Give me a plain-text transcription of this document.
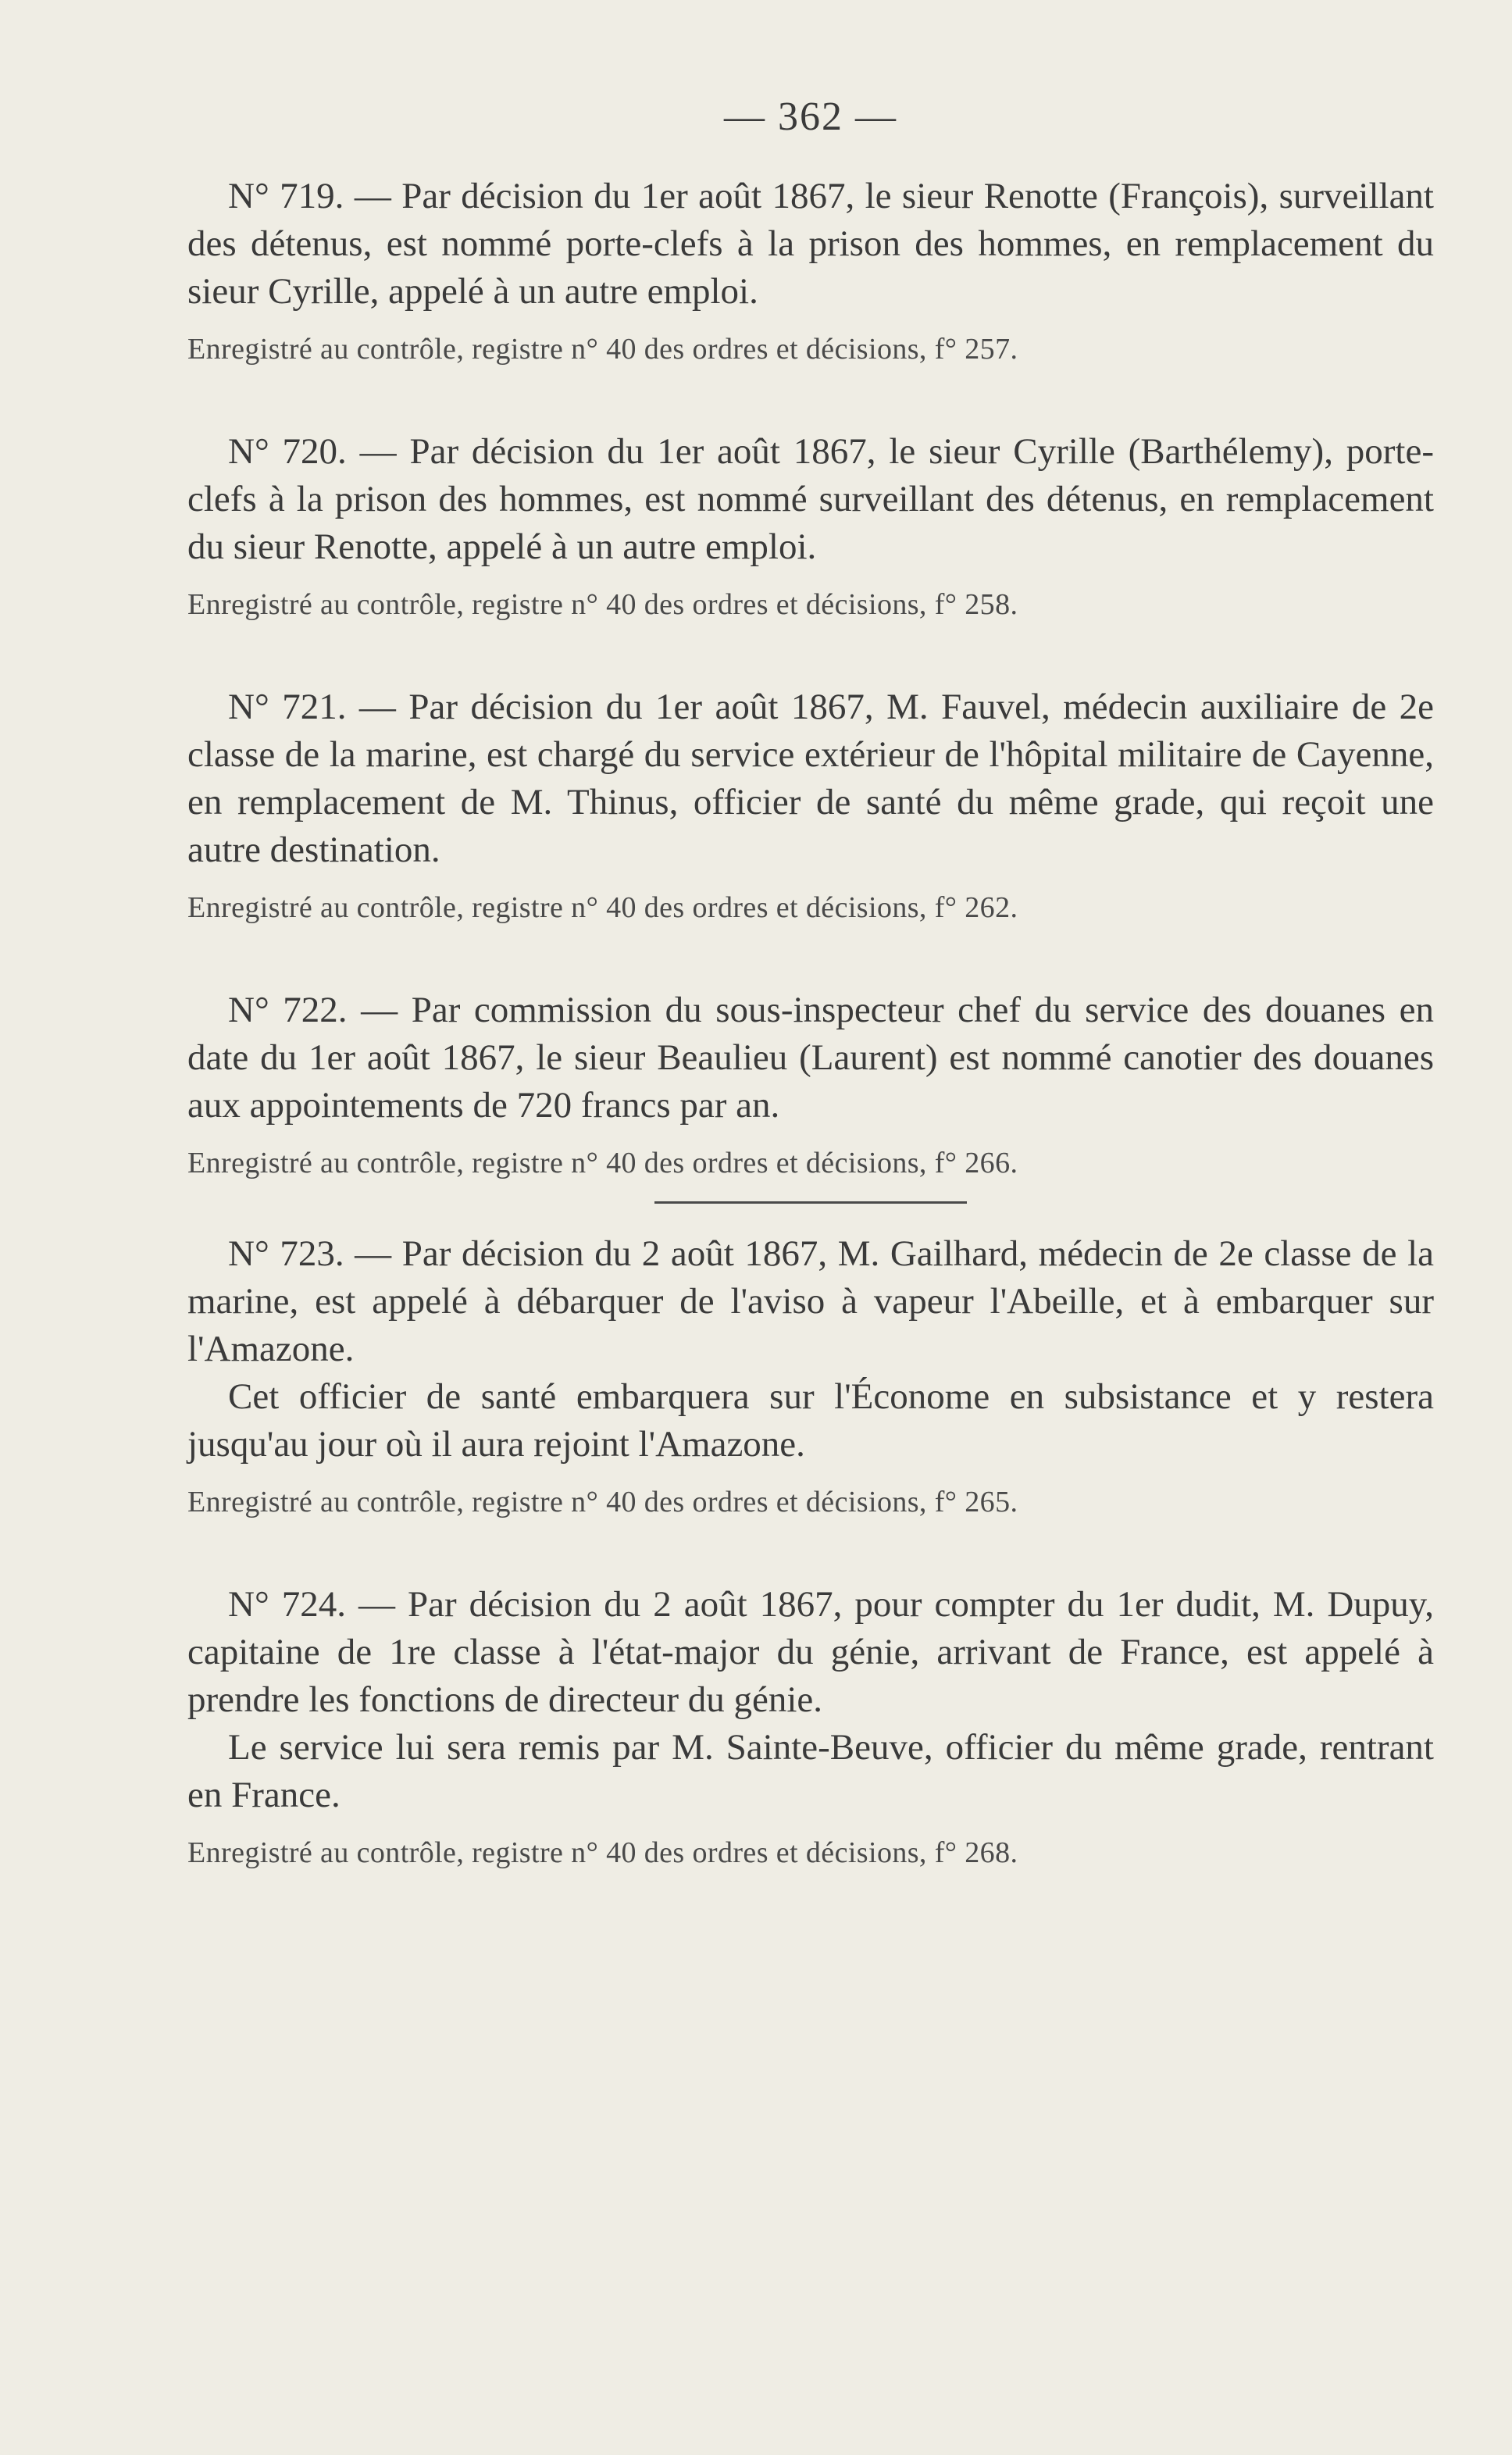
— 362 —

N° 719. — Par décision du 1er août 1867, le sieur Renotte (François), surveillant des détenus, est nommé porte-clefs à la prison des hommes, en remplacement du sieur Cyrille, appelé à un autre emploi.

Enregistré au contrôle, registre n° 40 des ordres et décisions, f° 257.

N° 720. — Par décision du 1er août 1867, le sieur Cyrille (Barthélemy), porte-clefs à la prison des hommes, est nommé surveillant des détenus, en remplacement du sieur Renotte, appelé à un autre emploi.

Enregistré au contrôle, registre n° 40 des ordres et décisions, f° 258.

N° 721. — Par décision du 1er août 1867, M. Fauvel, médecin auxiliaire de 2e classe de la marine, est chargé du service extérieur de l'hôpital militaire de Cayenne, en remplacement de M. Thinus, officier de santé du même grade, qui reçoit une autre destination.

Enregistré au contrôle, registre n° 40 des ordres et décisions, f° 262.

N° 722. — Par commission du sous-inspecteur chef du service des douanes en date du 1er août 1867, le sieur Beaulieu (Laurent) est nommé canotier des douanes aux appointements de 720 francs par an.

Enregistré au contrôle, registre n° 40 des ordres et décisions, f° 266.

N° 723. — Par décision du 2 août 1867, M. Gailhard, médecin de 2e classe de la marine, est appelé à débarquer de l'aviso à vapeur l'Abeille, et à embarquer sur l'Amazone.

Cet officier de santé embarquera sur l'Économe en subsistance et y restera jusqu'au jour où il aura rejoint l'Amazone.

Enregistré au contrôle, registre n° 40 des ordres et décisions, f° 265.

N° 724. — Par décision du 2 août 1867, pour compter du 1er dudit, M. Dupuy, capitaine de 1re classe à l'état-major du génie, arrivant de France, est appelé à prendre les fonctions de directeur du génie.

Le service lui sera remis par M. Sainte-Beuve, officier du même grade, rentrant en France.

Enregistré au contrôle, registre n° 40 des ordres et décisions, f° 268.
